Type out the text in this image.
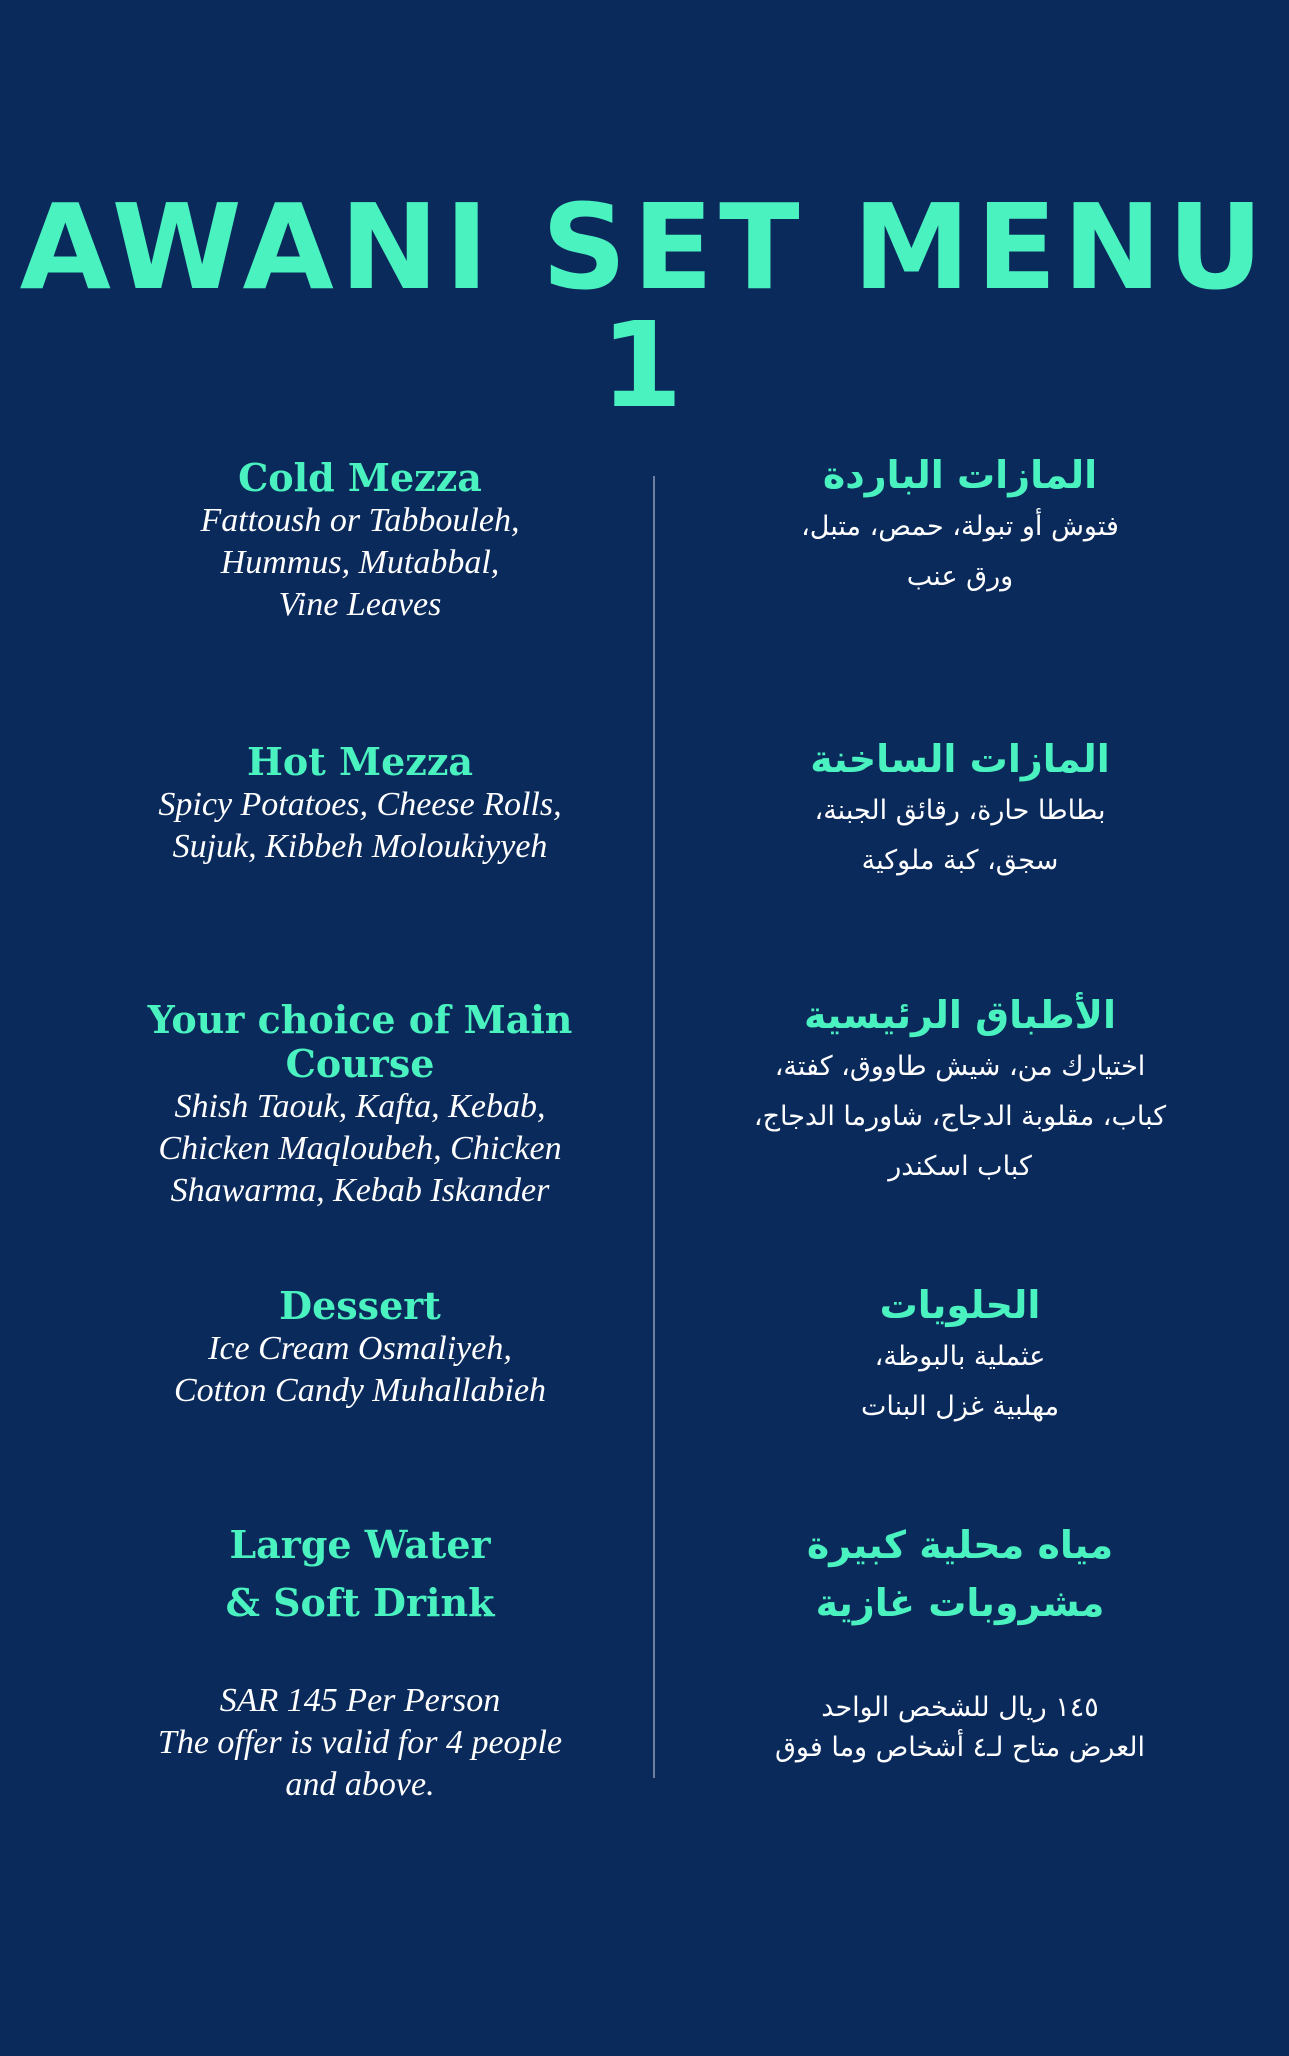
AWANI SET MENU 1
Cold Mezza
Fattoush or Tabbouleh,
Hummus, Mutabbal,
Vine Leaves
المازات الباردة
فتوش أو تبولة، حمص، متبل،
ورق عنب
Hot Mezza
Spicy Potatoes, Cheese Rolls,
Sujuk, Kibbeh Moloukiyyeh
المازات الساخنة
بطاطا حارة، رقائق الجبنة،
سجق، كبة ملوكية
Your choice of Main Course
Shish Taouk, Kafta, Kebab,
Chicken Maqloubeh, Chicken
Shawarma, Kebab Iskander
الأطباق الرئيسية
اختيارك من، شيش طاووق، كفتة،
كباب، مقلوبة الدجاج، شاورما الدجاج،
كباب اسكندر
Dessert
Ice Cream Osmaliyeh,
Cotton Candy Muhallabieh
الحلويات
عثملية بالبوظة،
مهلبية غزل البنات
Large Water
& Soft Drink
مياه محلية كبيرة
مشروبات غازية
SAR 145 Per Person
The offer is valid for 4 people
and above.
١٤٥ ريال للشخص الواحد
العرض متاح لـ٤ أشخاص وما فوق
